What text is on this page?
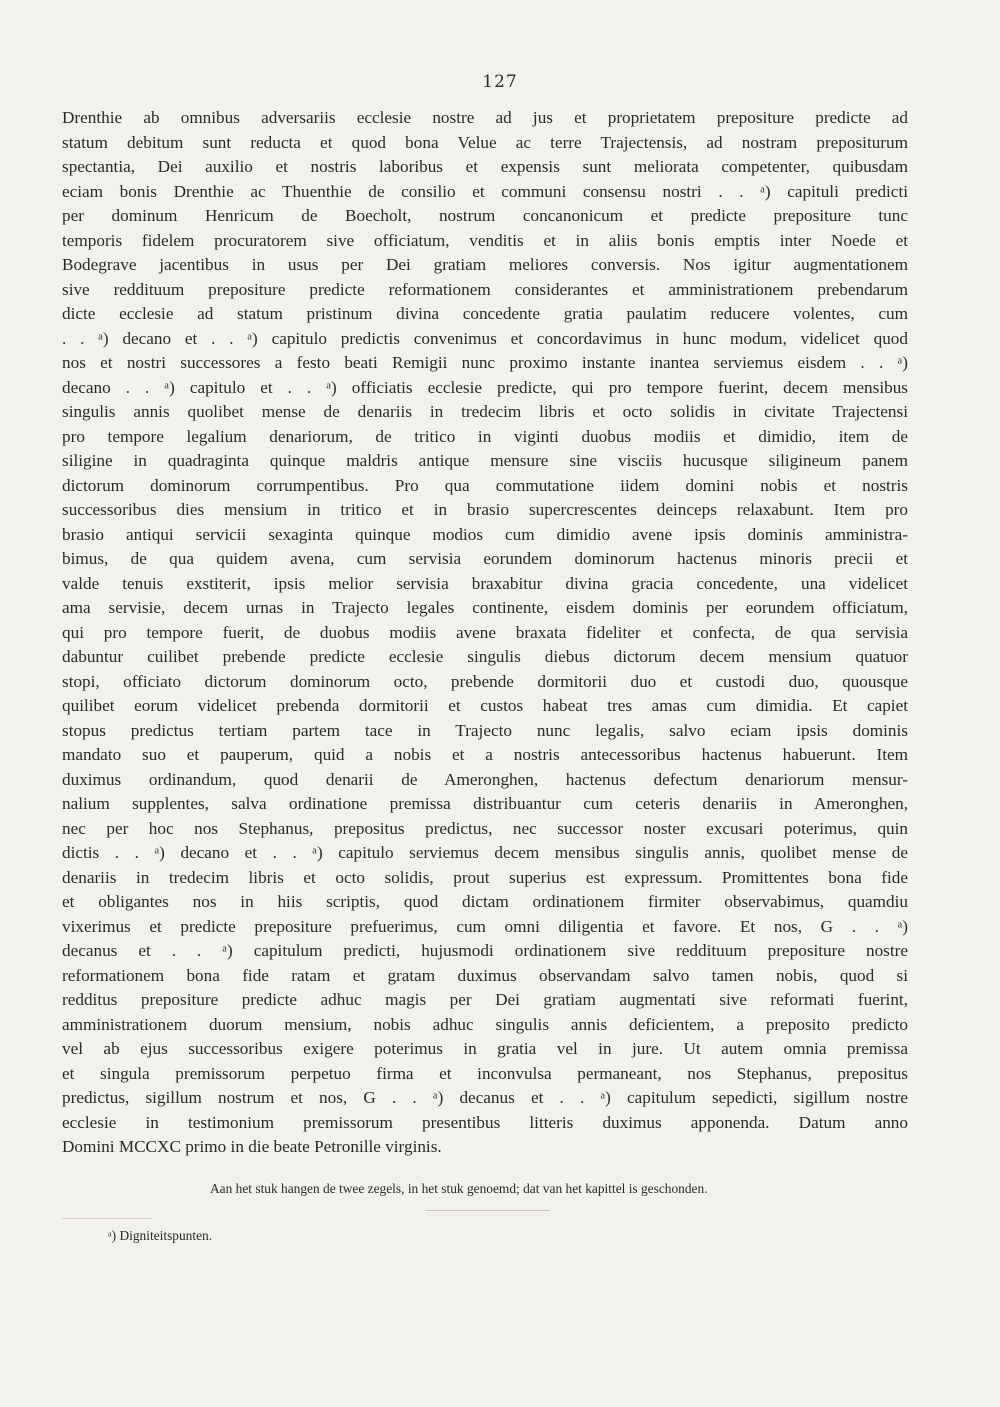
127
Drenthie ab omnibus adversariis ecclesie nostre ad jus et proprietatem prepositure predicte ad
statum debitum sunt reducta et quod bona Velue ac terre Trajectensis, ad nostram prepositurum
spectantia, Dei auxilio et nostris laboribus et expensis sunt meliorata competenter, quibusdam
eciam bonis Drenthie ac Thuenthie de consilio et communi consensu nostri . . ᵃ) capituli predicti
per dominum Henricum de Boecholt, nostrum concanonicum et predicte prepositure tunc
temporis fidelem procuratorem sive officiatum, venditis et in aliis bonis emptis inter Noede et
Bodegrave jacentibus in usus per Dei gratiam meliores conversis. Nos igitur augmentationem
sive reddituum prepositure predicte reformationem considerantes et amministrationem prebendarum
dicte ecclesie ad statum pristinum divina concedente gratia paulatim reducere volentes, cum
. . ᵃ) decano et . . ᵃ) capitulo predictis convenimus et concordavimus in hunc modum, videlicet quod
nos et nostri successores a festo beati Remigii nunc proximo instante inantea serviemus eisdem . . ᵃ)
decano . . ᵃ) capitulo et . . ᵃ) officiatis ecclesie predicte, qui pro tempore fuerint, decem mensibus
singulis annis quolibet mense de denariis in tredecim libris et octo solidis in civitate Trajectensi
pro tempore legalium denariorum, de tritico in viginti duobus modiis et dimidio, item de
siligine in quadraginta quinque maldris antique mensure sine visciis hucusque siligineum panem
dictorum dominorum corrumpentibus. Pro qua commutatione iidem domini nobis et nostris
successoribus dies mensium in tritico et in brasio supercrescentes deinceps relaxabunt. Item pro
brasio antiqui servicii sexaginta quinque modios cum dimidio avene ipsis dominis amministra-
bimus, de qua quidem avena, cum servisia eorundem dominorum hactenus minoris precii et
valde tenuis exstiterit, ipsis melior servisia braxabitur divina gracia concedente, una videlicet
ama servisie, decem urnas in Trajecto legales continente, eisdem dominis per eorundem officiatum,
qui pro tempore fuerit, de duobus modiis avene braxata fideliter et confecta, de qua servisia
dabuntur cuilibet prebende predicte ecclesie singulis diebus dictorum decem mensium quatuor
stopi, officiato dictorum dominorum octo, prebende dormitorii duo et custodi duo, quousque
quilibet eorum videlicet prebenda dormitorii et custos habeat tres amas cum dimidia. Et capiet
stopus predictus tertiam partem tace in Trajecto nunc legalis, salvo eciam ipsis dominis
mandato suo et pauperum, quid a nobis et a nostris antecessoribus hactenus habuerunt. Item
duximus ordinandum, quod denarii de Ameronghen, hactenus defectum denariorum mensur-
nalium supplentes, salva ordinatione premissa distribuantur cum ceteris denariis in Ameronghen,
nec per hoc nos Stephanus, prepositus predictus, nec successor noster excusari poterimus, quin
dictis . . ᵃ) decano et . . ᵃ) capitulo serviemus decem mensibus singulis annis, quolibet mense de
denariis in tredecim libris et octo solidis, prout superius est expressum. Promittentes bona fide
et obligantes nos in hiis scriptis, quod dictam ordinationem firmiter observabimus, quamdiu
vixerimus et predicte prepositure prefuerimus, cum omni diligentia et favore. Et nos, G . . ᵃ)
decanus et . . ᵃ) capitulum predicti, hujusmodi ordinationem sive reddituum prepositure nostre
reformationem bona fide ratam et gratam duximus observandam salvo tamen nobis, quod si
redditus prepositure predicte adhuc magis per Dei gratiam augmentati sive reformati fuerint,
amministrationem duorum mensium, nobis adhuc singulis annis deficientem, a preposito predicto
vel ab ejus successoribus exigere poterimus in gratia vel in jure. Ut autem omnia premissa
et singula premissorum perpetuo firma et inconvulsa permaneant, nos Stephanus, prepositus
predictus, sigillum nostrum et nos, G . . ᵃ) decanus et . . ᵃ) capitulum sepedicti, sigillum nostre
ecclesie in testimonium premissorum presentibus litteris duximus apponenda. Datum anno
Domini MCCXC primo in die beate Petronille virginis.
Aan het stuk hangen de twee zegels, in het stuk genoemd; dat van het kapittel is geschonden.
ᵃ) Digniteitspunten.
